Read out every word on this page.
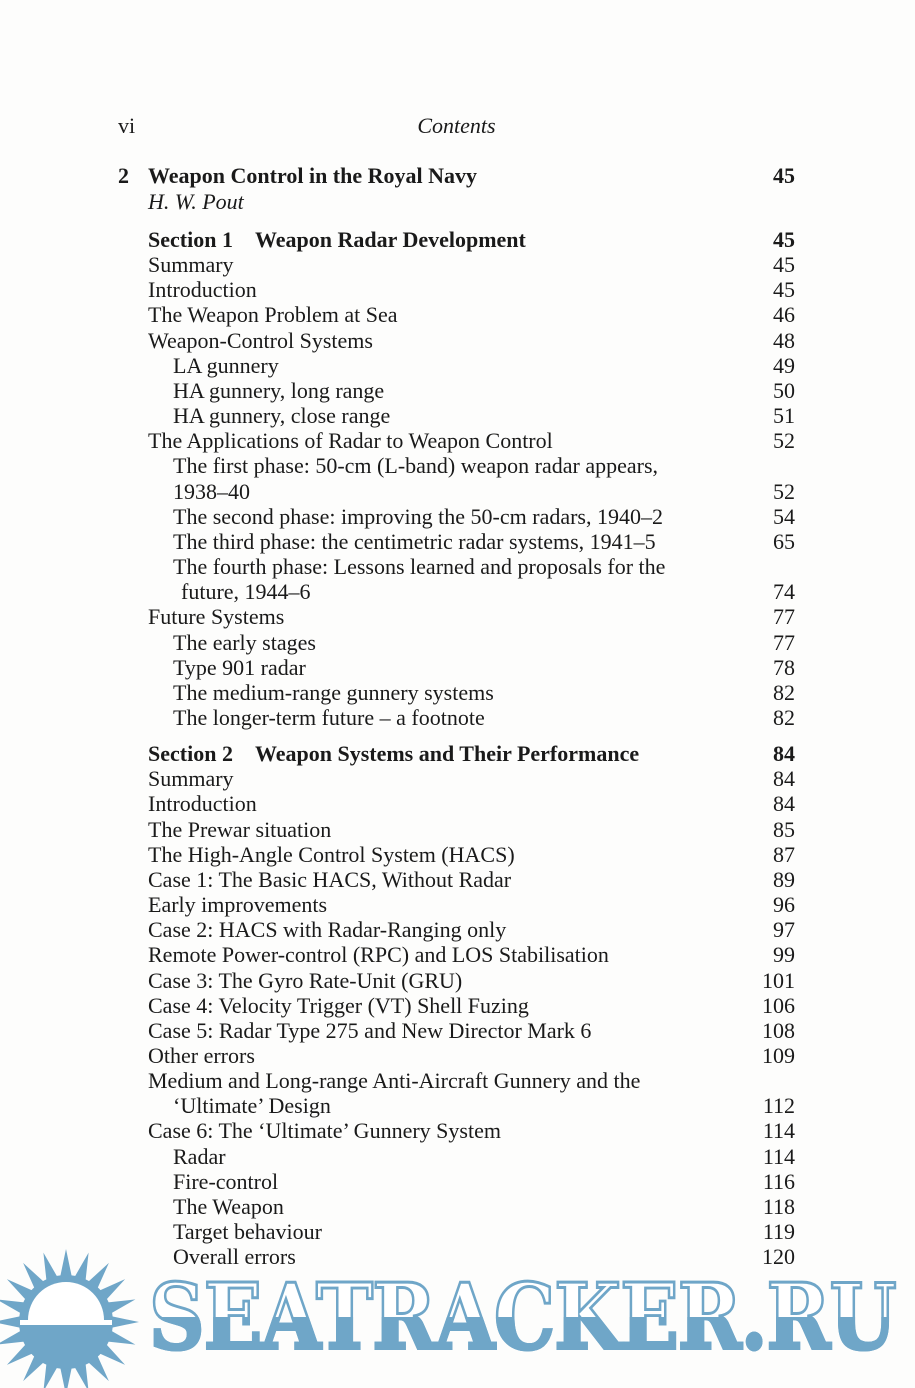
vi	Contents
2 Weapon Control in the Royal Navy	45
H. W. Pout
Section 1 Weapon Radar Development	45
Summary	45
Introduction	45
The Weapon Problem at Sea	46
Weapon-Control Systems	48
LA gunnery	49
HA gunnery, long range	50
HA gunnery, close range	51
The Applications of Radar to Weapon Control	52
The first phase: 50-cm (L-band) weapon radar appears,
1938–40	52
The second phase: improving the 50-cm radars, 1940–2	54
The third phase: the centimetric radar systems, 1941–5	65
The fourth phase: Lessons learned and proposals for the
future, 1944–6	74
Future Systems	77
The early stages	77
Type 901 radar	78
The medium-range gunnery systems	82
The longer-term future – a footnote	82
Section 2 Weapon Systems and Their Performance	84
Summary	84
Introduction	84
The Prewar situation	85
The High-Angle Control System (HACS)	87
Case 1: The Basic HACS, Without Radar	89
Early improvements	96
Case 2: HACS with Radar-Ranging only	97
Remote Power-control (RPC) and LOS Stabilisation	99
Case 3: The Gyro Rate-Unit (GRU)	101
Case 4: Velocity Trigger (VT) Shell Fuzing	106
Case 5: Radar Type 275 and New Director Mark 6	108
Other errors	109
Medium and Long-range Anti-Aircraft Gunnery and the
‘Ultimate’ Design	112
Case 6: The ‘Ultimate’ Gunnery System	114
Radar	114
Fire-control	116
The Weapon	118
Target behaviour	119
Overall errors	120
SEATRACKER.RU
